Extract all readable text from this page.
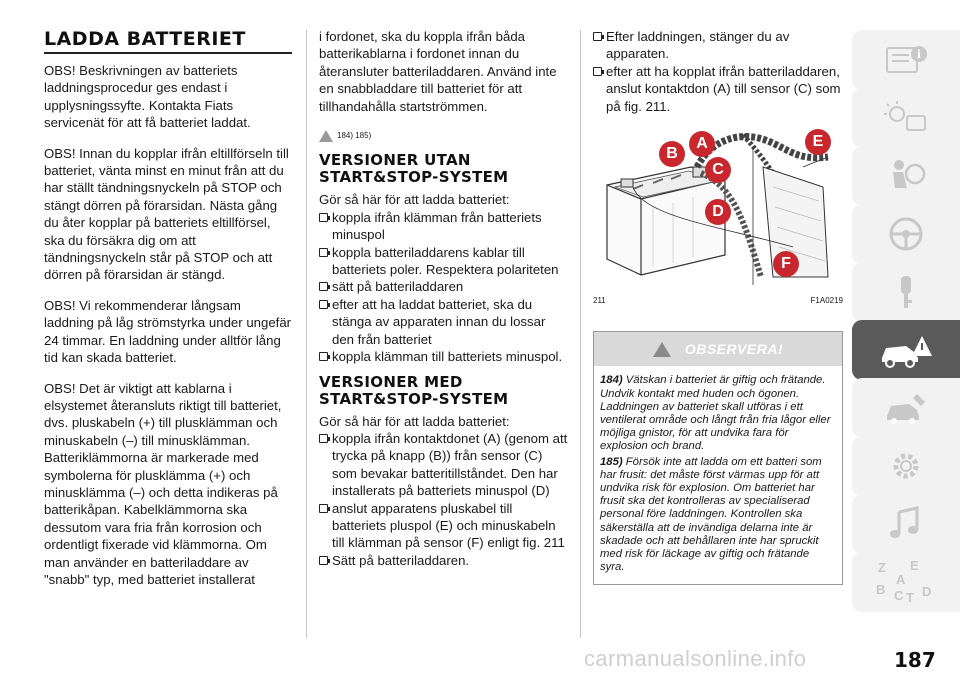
LADDA BATTERIET

OBS! Beskrivningen av batteriets laddningsprocedur ges endast i upplysningssyfte. Kontakta Fiats servicenät för att få batteriet laddat.

OBS! Innan du kopplar ifrån eltillförseln till batteriet, vänta minst en minut från att du har ställt tändningsnyckeln på STOP och stängt dörren på förarsidan. Nästa gång du åter kopplar på batteriets eltillförsel, ska du försäkra dig om att tändningsnyckeln står på STOP och att dörren på förarsidan är stängd.

OBS! Vi rekommenderar långsam laddning på låg strömstyrka under ungefär 24 timmar. En laddning under alltför lång tid kan skada batteriet.

OBS! Det är viktigt att kablarna i elsystemet återansluts riktigt till batteriet, dvs. pluskabeln (+) till plusklämman och minuskabeln (–) till minusklämman. Batteriklämmorna är markerade med symbolerna för plusklämma (+) och minusklämma (–) och detta indikeras på batterikåpan. Kabelklämmorna ska dessutom vara fria från korrosion och ordentligt fixerade vid klämmorna. Om man använder en batteriladdare av "snabb" typ, med batteriet installerat

i fordonet, ska du koppla ifrån båda batterikablarna i fordonet innan du återansluter batteriladdaren. Använd inte en snabbladdare till batteriet för att tillhandahålla startströmmen.

184) 185)
VERSIONER UTAN
START&STOP-SYSTEM
Gör så här för att ladda batteriet:
koppla ifrån klämman från batteriets minuspol
koppla batteriladdarens kablar till batteriets poler. Respektera polariteten
sätt på batteriladdaren
efter att ha laddat batteriet, ska du stänga av apparaten innan du lossar den från batteriet
koppla klämman till batteriets minuspol.
VERSIONER MED
START&STOP-SYSTEM
Gör så här för att ladda batteriet:
koppla ifrån kontaktdonet (A) (genom att trycka på knapp (B)) från sensor (C) som bevakar batteritillståndet. Den har installerats på batteriets minuspol (D)
anslut apparatens pluskabel till batteriets pluspol (E) och minuskabeln till klämman på sensor (F) enligt fig. 211
Sätt på batteriladdaren.
Efter laddningen, stänger du av apparaten.
efter att ha kopplat ifrån batteriladdaren, anslut kontaktdon (A) till sensor (C) som på fig. 211.
B
A	E
C
D
F
211	F1A0219
OBSERVERA!

184) Vätskan i batteriet är giftig och frätande. Undvik kontakt med huden och ögonen. Laddningen av batteriet skall utföras i ett ventilerat område och långt från fria lågor eller möjliga gnistor, för att undvika fara för explosion och brand.

185) Försök inte att ladda om ett batteri som har frusit: det måste först värmas upp för att undvika risk för explosion. Om batteriet har frusit ska det kontrolleras av specialiserad personal före laddningen. Kontrollen ska säkerställa att de invändiga delarna inte är skadade och att behållaren inte har spruckit med risk för läckage av giftig och frätande syra.

i
Z E
A
B C T D
carmanualsonline.info	187
